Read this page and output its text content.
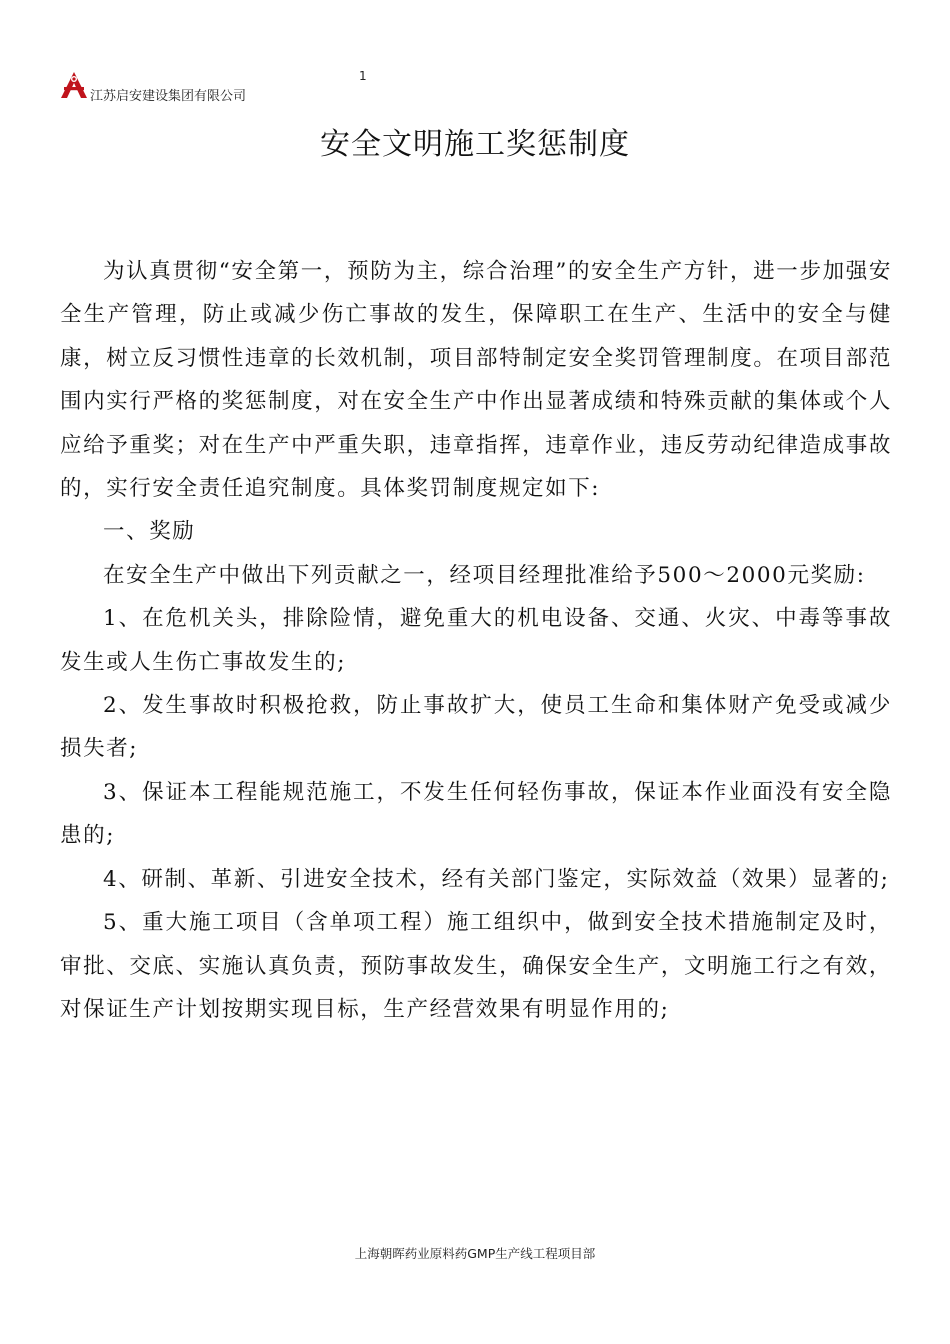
江苏启安建设集团有限公司
1
安全文明施工奖惩制度

为认真贯彻“安全第一，预防为主，综合治理”的安全生产方针，进一步加强安全生产管理，防止或减少伤亡事故的发生，保障职工在生产、生活中的安全与健康，树立反习惯性违章的长效机制，项目部特制定安全奖罚管理制度。在项目部范围内实行严格的奖惩制度，对在安全生产中作出显著成绩和特殊贡献的集体或个人应给予重奖；对在生产中严重失职，违章指挥，违章作业，违反劳动纪律造成事故的，实行安全责任追究制度。具体奖罚制度规定如下:

一、奖励

在安全生产中做出下列贡献之一，经项目经理批准给予500～2000元奖励:

1、在危机关头，排除险情，避免重大的机电设备、交通、火灾、中毒等事故发生或人生伤亡事故发生的;

2、发生事故时积极抢救，防止事故扩大，使员工生命和集体财产免受或减少损失者;

3、保证本工程能规范施工，不发生任何轻伤事故，保证本作业面没有安全隐患的;

4、研制、革新、引进安全技术，经有关部门鉴定，实际效益（效果）显著的;

5、重大施工项目（含单项工程）施工组织中，做到安全技术措施制定及时，审批、交底、实施认真负责，预防事故发生，确保安全生产，文明施工行之有效，对保证生产计划按期实现目标，生产经营效果有明显作用的;

上海朝晖药业原料药GMP生产线工程项目部
